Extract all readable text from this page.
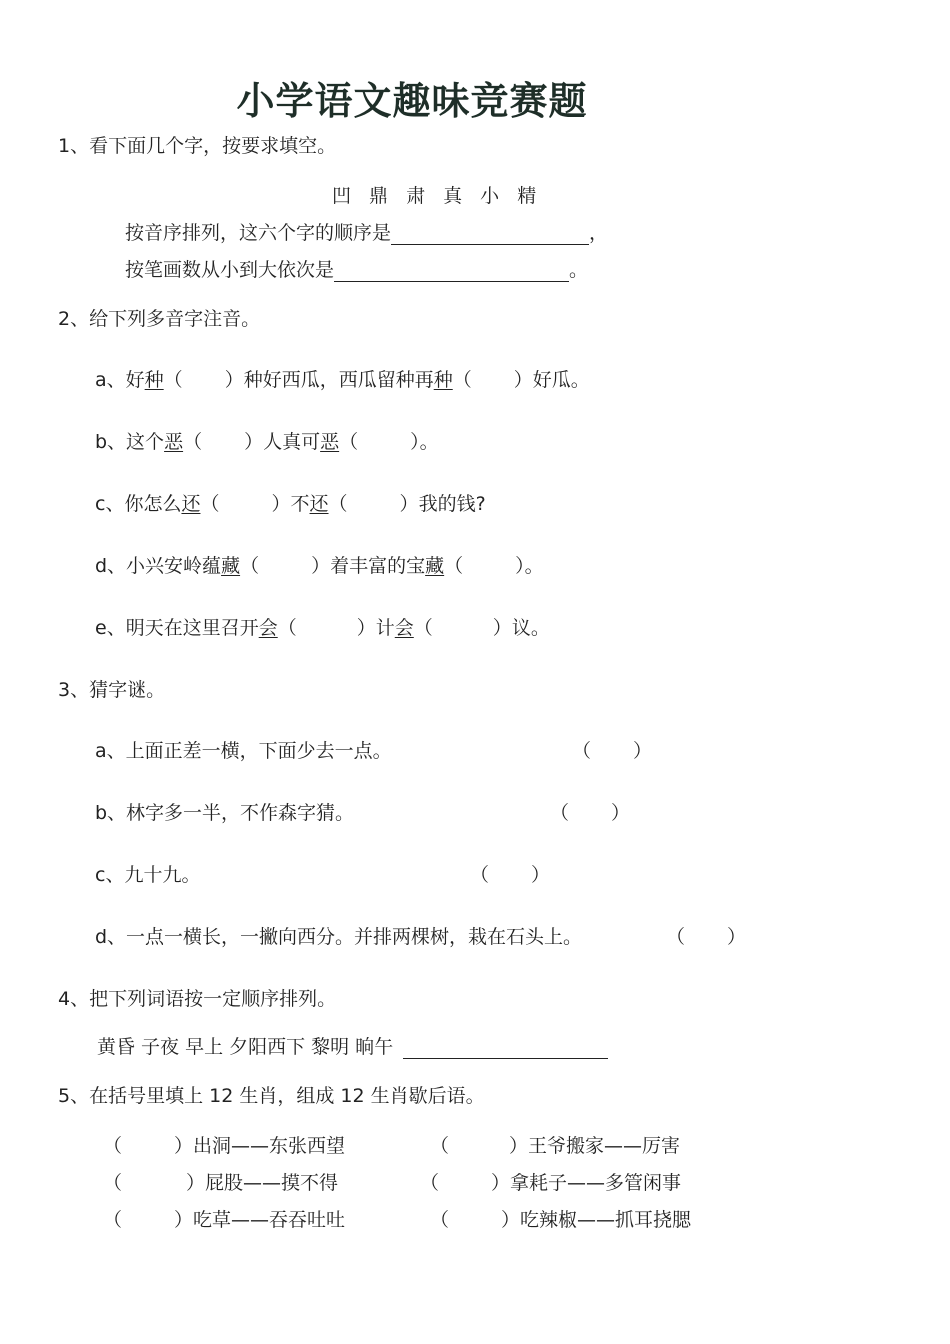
小学语文趣味竞赛题
1、看下面几个字，按要求填空。
凹 鼎 肃 真 小 精
按音序排列，这六个字的顺序是	，
按笔画数从小到大依次是	。
2、给下列多音字注音。
a、好种（ ）种好西瓜，西瓜留种再种（ ）好瓜。
b、这个恶（ ）人真可恶（	）。
c、你怎么还（	）不还（	）我的钱?
d、小兴安岭蕴藏（	）着丰富的宝藏（	）。
e、明天在这里召开会（	）计会（	）议。
3、猜字谜。
a、上面正差一横，下面少去一点。	（ ）
b、林字多一半，不作森字猜。	（ ）
c、九十九。	（ ）
d、一点一横长，一撇向西分。并排两棵树，栽在石头上。	（ ）
4、把下列词语按一定顺序排列。
黄昏 子夜 早上 夕阳西下 黎明 晌午
5、在括号里填上 12 生肖，组成 12 生肖歇后语。
（	）出洞——东张西望	（	）王爷搬家——厉害
（	）屁股——摸不得	（	）拿耗子——多管闲事
（	）吃草——吞吞吐吐	（	）吃辣椒——抓耳挠腮
